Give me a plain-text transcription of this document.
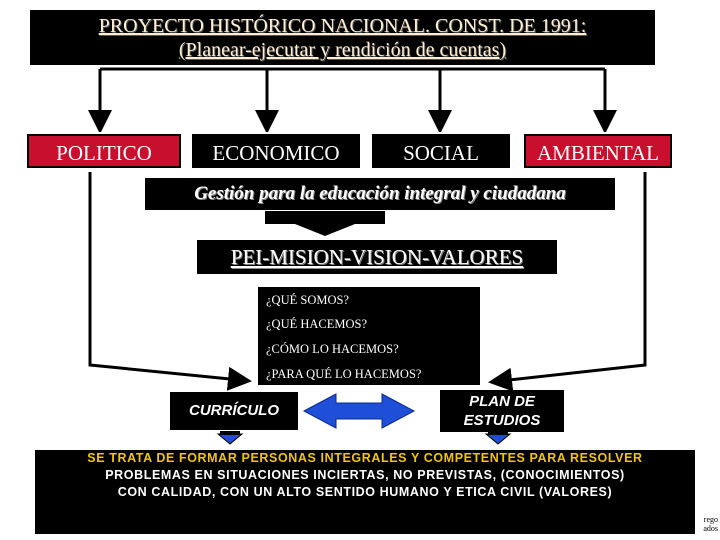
PROYECTO HISTÓRICO NACIONAL. CONST. DE 1991:
(Planear-ejecutar y rendición de cuentas)
POLITICO	ECONOMICO	SOCIAL	AMBIENTAL
Gestión para la educación integral y ciudadana
PEI-MISION-VISION-VALORES
¿QUÉ SOMOS?
¿QUÉ HACEMOS?
¿CÓMO LO HACEMOS?
¿PARA QUÉ LO HACEMOS?
CURRÍCULO
PLAN DE
ESTUDIOS
SE TRATA DE FORMAR PERSONAS INTEGRALES Y COMPETENTES PARA RESOLVER
PROBLEMAS EN SITUACIONES INCIERTAS, NO PREVISTAS, (CONOCIMIENTOS)
CON CALIDAD, CON UN ALTO SENTIDO HUMANO Y ETICA CIVIL (VALORES)
rego
ados
